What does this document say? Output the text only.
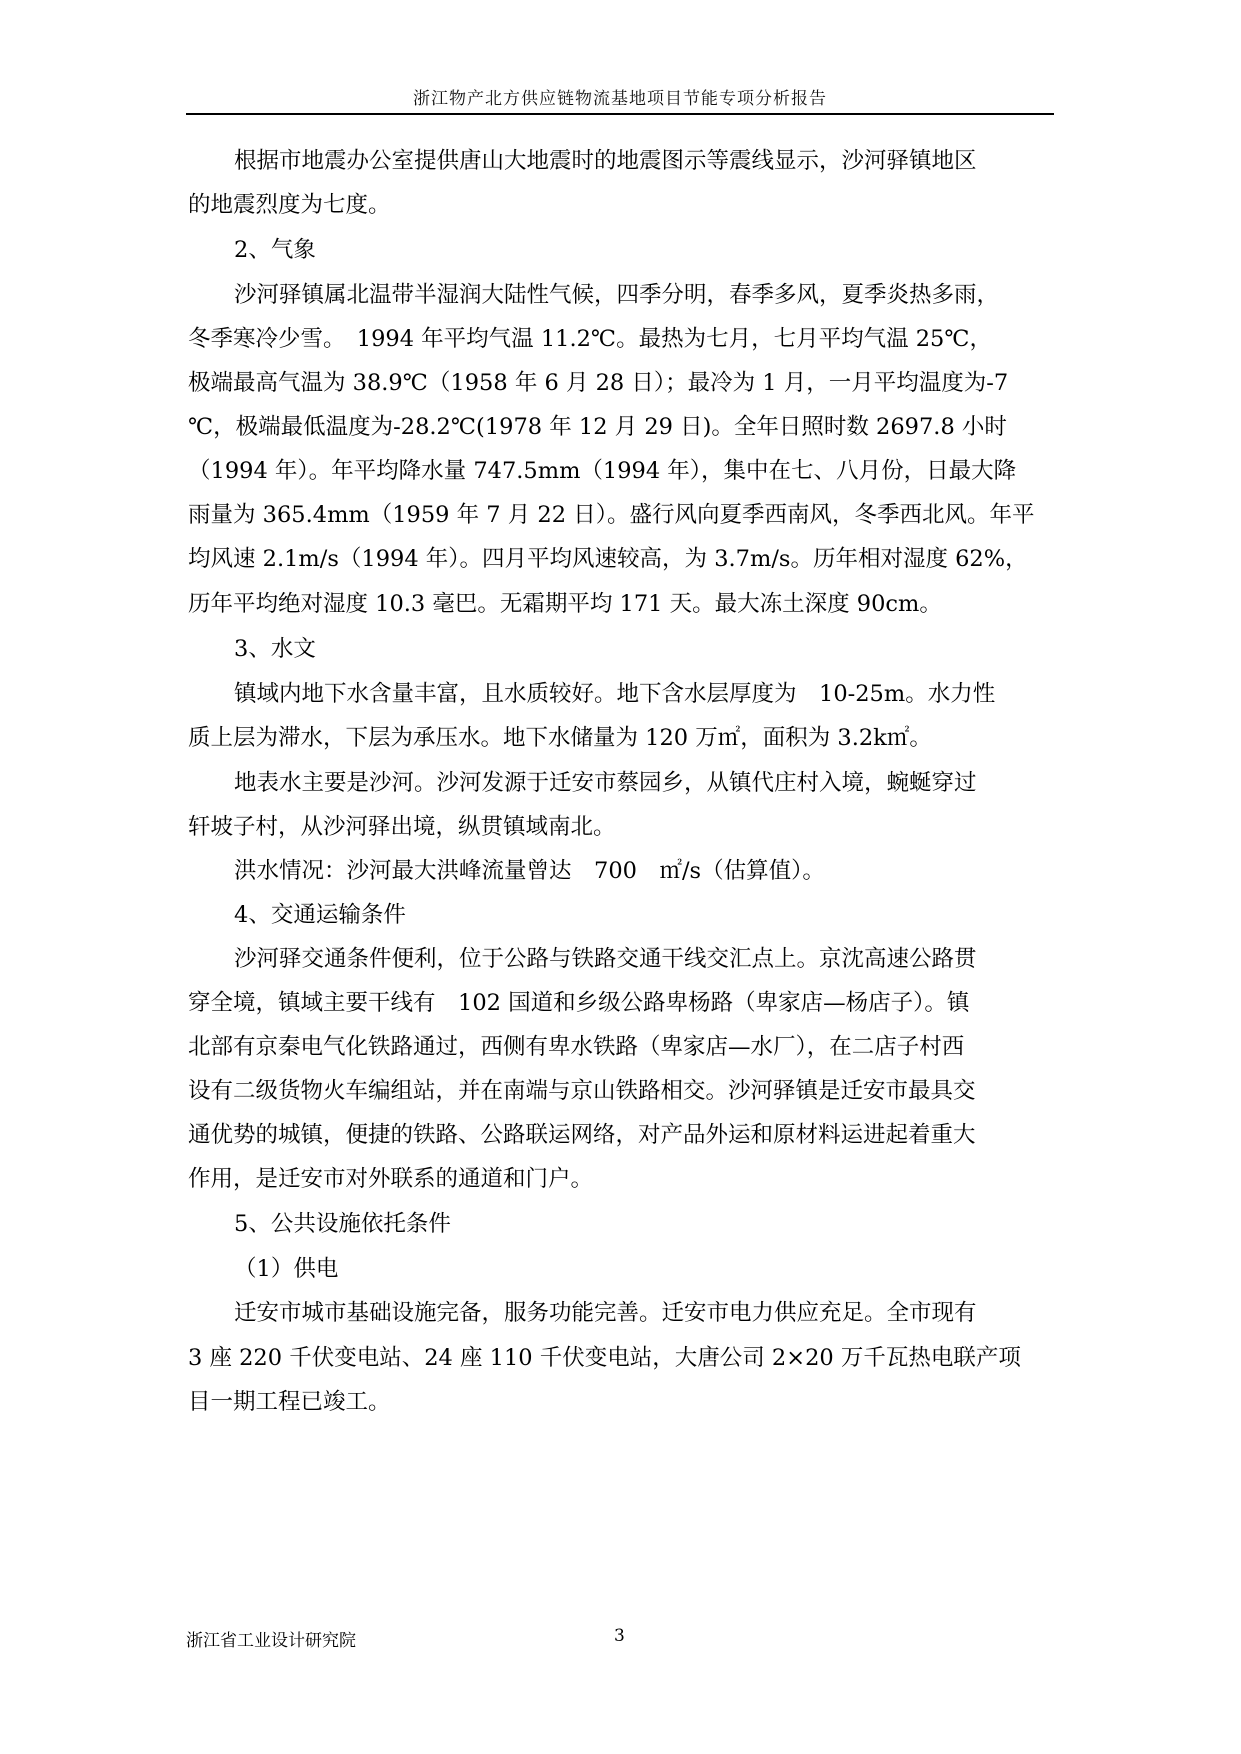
浙江物产北方供应链物流基地项目节能专项分析报告
根据市地震办公室提供唐山大地震时的地震图示等震线显示，沙河驿镇地区
的地震烈度为七度。
2、气象
沙河驿镇属北温带半湿润大陆性气候，四季分明，春季多风，夏季炎热多雨，
冬季寒冷少雪。　1994 年平均气温 11.2℃。最热为七月，七月平均气温 25℃，
极端最高气温为 38.9℃（1958 年 6 月 28 日）；最冷为 1 月，一月平均温度为-7
℃，极端最低温度为-28.2℃(1978 年 12 月 29 日)。全年日照时数 2697.8 小时
（1994 年）。年平均降水量 747.5mm（1994 年），集中在七、八月份，日最大降
雨量为 365.4mm（1959 年 7 月 22 日）。盛行风向夏季西南风，冬季西北风。年平
均风速 2.1m/s（1994 年）。四月平均风速较高，为 3.7m/s。历年相对湿度 62%，
历年平均绝对湿度 10.3 毫巴。无霜期平均 171 天。最大冻土深度 90cm。
3、水文
镇域内地下水含量丰富，且水质较好。地下含水层厚度为　10-25m。水力性
质上层为滞水，下层为承压水。地下水储量为 120 万㎡，面积为 3.2k㎡。
地表水主要是沙河。沙河发源于迁安市蔡园乡，从镇代庄村入境，蜿蜒穿过
轩坡子村，从沙河驿出境，纵贯镇域南北。
洪水情况：沙河最大洪峰流量曾达　700　㎡/s（估算值）。
4、交通运输条件
沙河驿交通条件便利，位于公路与铁路交通干线交汇点上。京沈高速公路贯
穿全境，镇域主要干线有　102 国道和乡级公路卑杨路（卑家店—杨店子）。镇
北部有京秦电气化铁路通过，西侧有卑水铁路（卑家店—水厂），在二店子村西
设有二级货物火车编组站，并在南端与京山铁路相交。沙河驿镇是迁安市最具交
通优势的城镇，便捷的铁路、公路联运网络，对产品外运和原材料运进起着重大
作用，是迁安市对外联系的通道和门户。
5、公共设施依托条件
（1）供电
迁安市城市基础设施完备，服务功能完善。迁安市电力供应充足。全市现有
3 座 220 千伏变电站、24 座 110 千伏变电站，大唐公司 2×20 万千瓦热电联产项
目一期工程已竣工。
浙江省工业设计研究院	3
